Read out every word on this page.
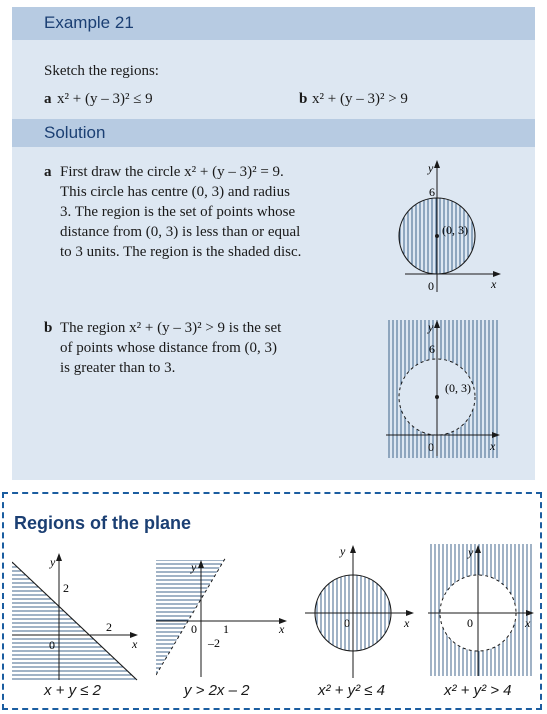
Example 21
Sketch the regions:
a x² + (y – 3)² ≤ 9	b x² + (y – 3)² > 9
Solution
a First draw the circle x² + (y – 3)² = 9.
This circle has centre (0, 3) and radius
3. The region is the set of points whose
distance from (0, 3) is less than or equal
to 3 units. The region is the shaded disc.
b The region x² + (y – 3)² > 9 is the set
of points whose distance from (0, 3)
is greater than to 3.
y
x
0
6
(0, 3)
y
x
0
6
(0, 3)
Regions of the plane
y
x
0
2
2
y
x
0
–2
1
y
x
0
y
x
0
x + y ≤ 2	y > 2x – 2	x² + y² ≤ 4	x² + y² > 4
